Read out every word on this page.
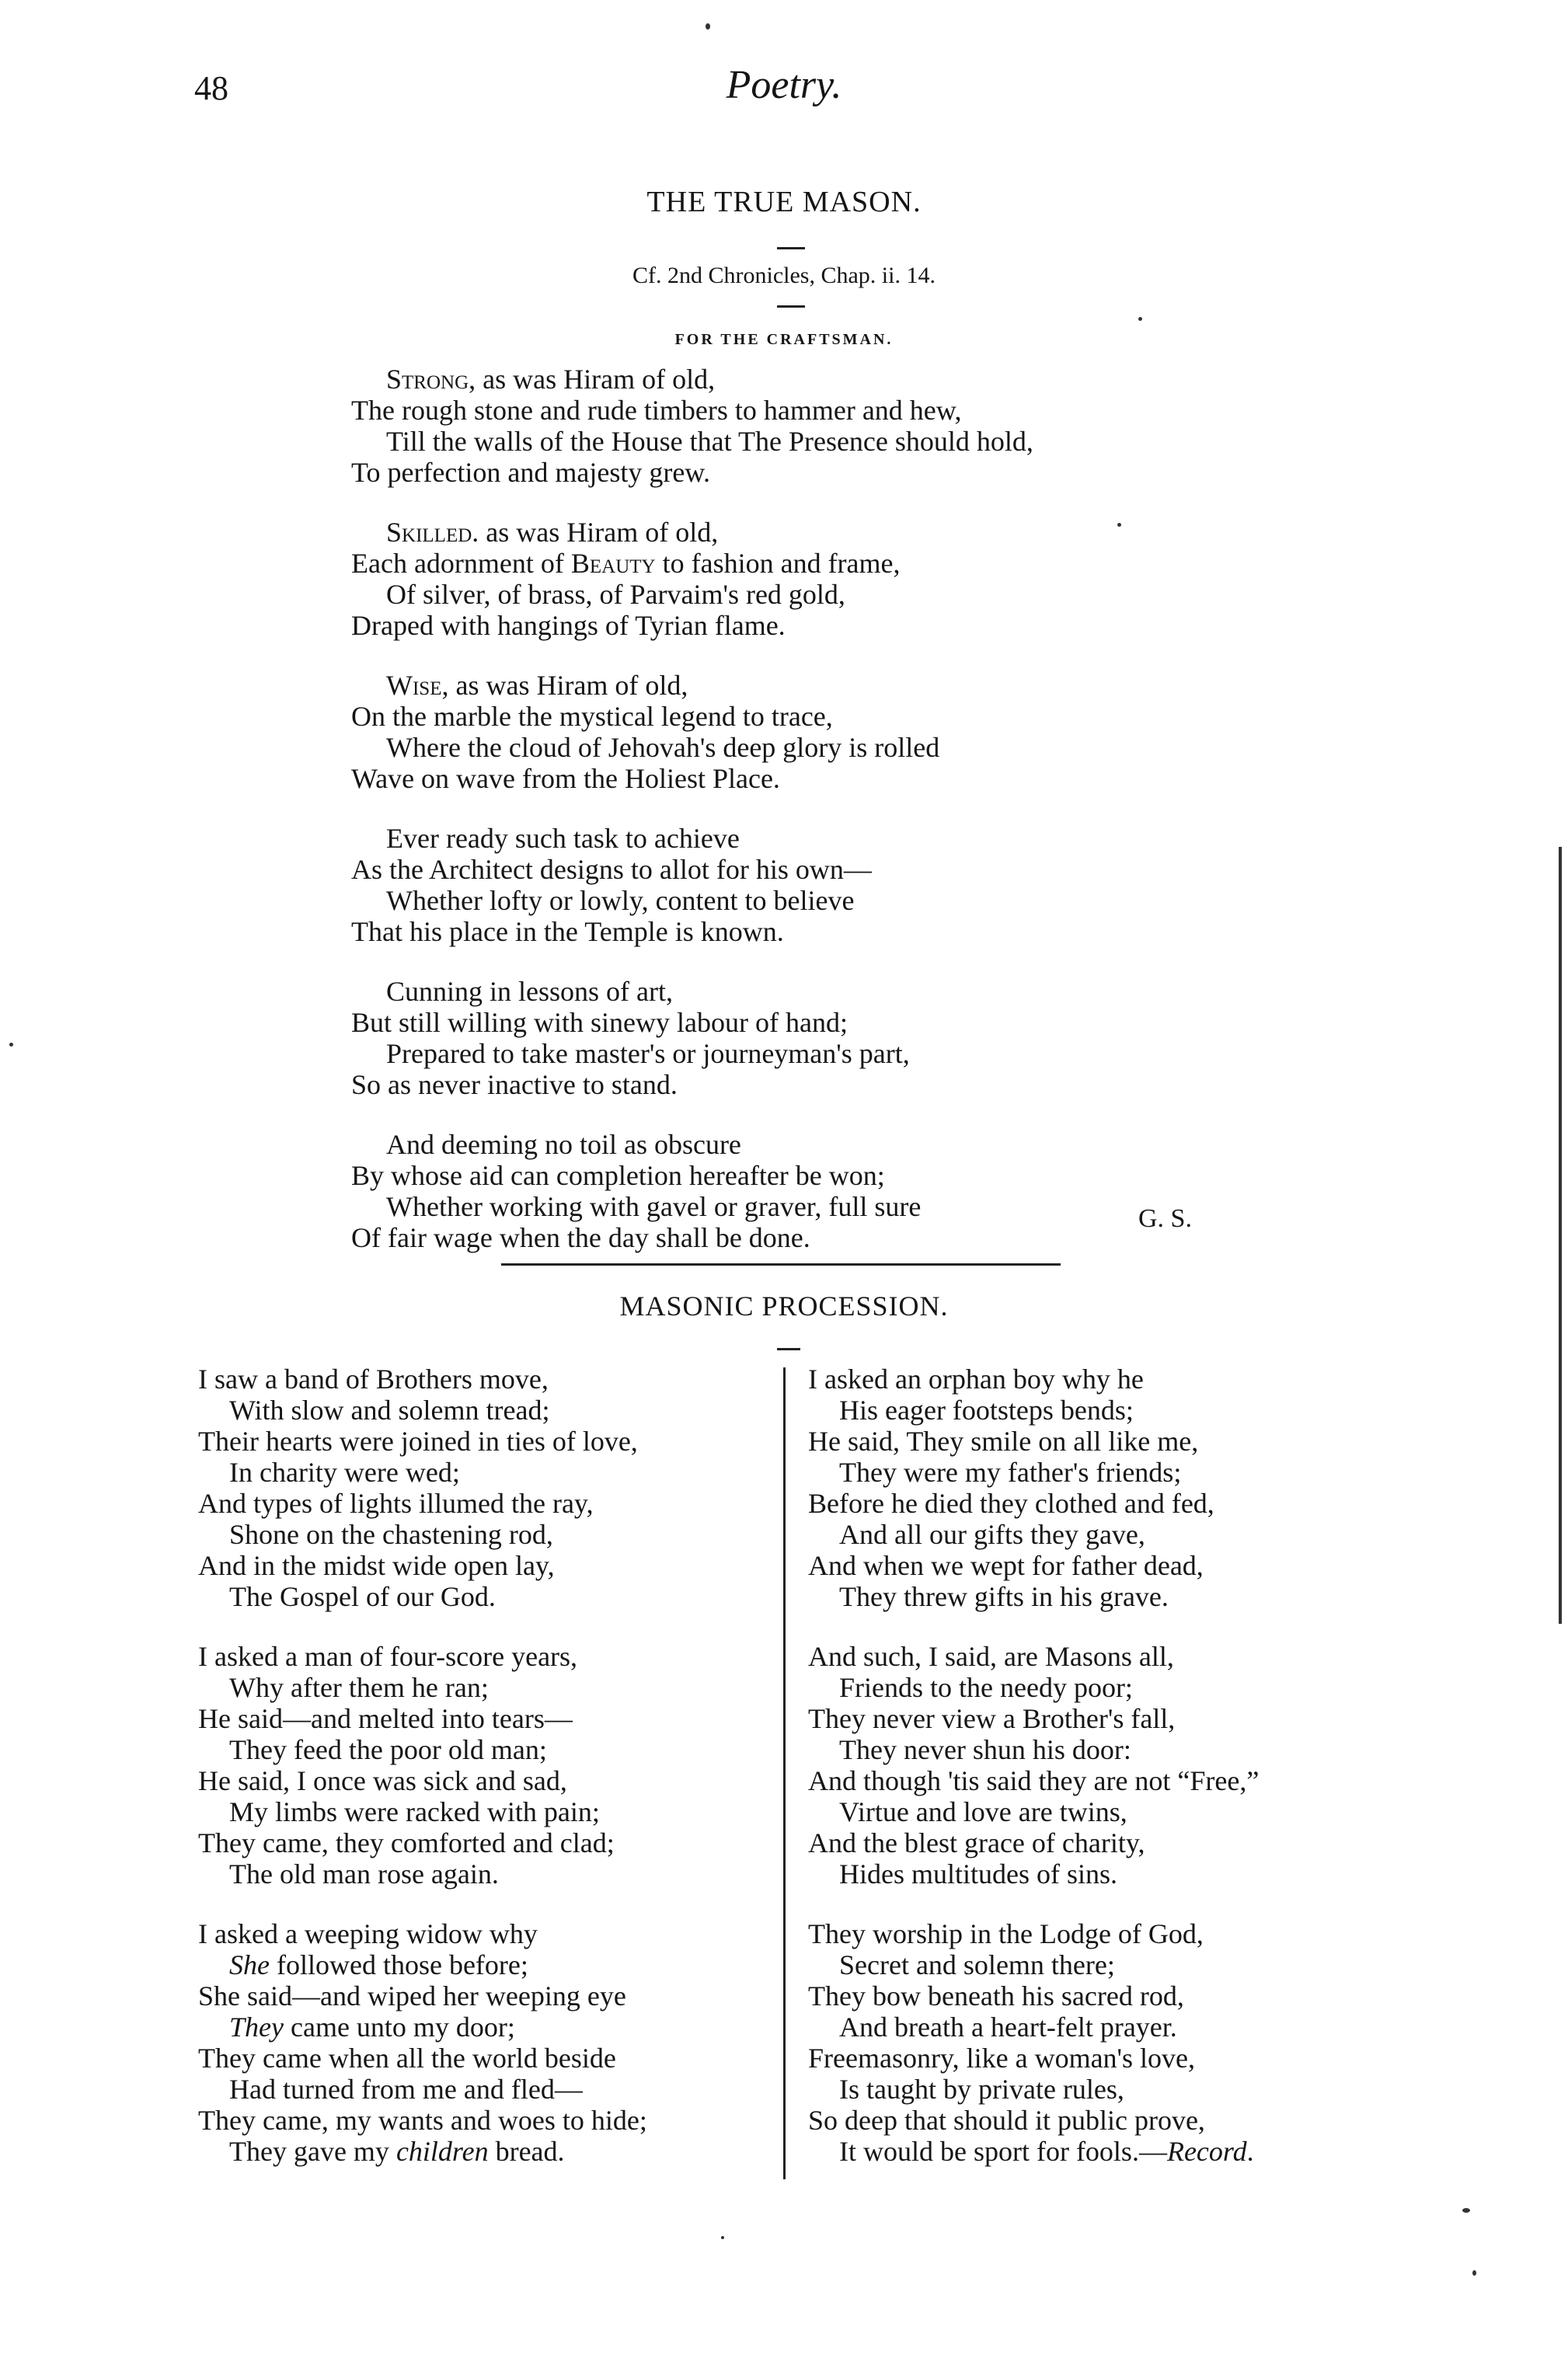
48	Poetry.
THE TRUE MASON.
Cf. 2nd Chronicles, Chap. ii. 14.
FOR THE CRAFTSMAN.
Strong, as was Hiram of old,
The rough stone and rude timbers to hammer and hew,
Till the walls of the House that The Presence should hold,
To perfection and majesty grew.
Skilled. as was Hiram of old,
Each adornment of Beauty to fashion and frame,
Of silver, of brass, of Parvaim's red gold,
Draped with hangings of Tyrian flame.
Wise, as was Hiram of old,
On the marble the mystical legend to trace,
Where the cloud of Jehovah's deep glory is rolled
Wave on wave from the Holiest Place.
Ever ready such task to achieve
As the Architect designs to allot for his own—
Whether lofty or lowly, content to believe
That his place in the Temple is known.
Cunning in lessons of art,
But still willing with sinewy labour of hand;
Prepared to take master's or journeyman's part,
So as never inactive to stand.
And deeming no toil as obscure
By whose aid can completion hereafter be won;
Whether working with gavel or graver, full sure
Of fair wage when the day shall be done.
G. S.
MASONIC PROCESSION.
I saw a band of Brothers move,
With slow and solemn tread;
Their hearts were joined in ties of love,
In charity were wed;
And types of lights illumed the ray,
Shone on the chastening rod,
And in the midst wide open lay,
The Gospel of our God.
I asked a man of four-score years,
Why after them he ran;
He said—and melted into tears—
They feed the poor old man;
He said, I once was sick and sad,
My limbs were racked with pain;
They came, they comforted and clad;
The old man rose again.
I asked a weeping widow why
She followed those before;
She said—and wiped her weeping eye
They came unto my door;
They came when all the world beside
Had turned from me and fled—
They came, my wants and woes to hide;
They gave my children bread.
I asked an orphan boy why he
His eager footsteps bends;
He said, They smile on all like me,
They were my father's friends;
Before he died they clothed and fed,
And all our gifts they gave,
And when we wept for father dead,
They threw gifts in his grave.
And such, I said, are Masons all,
Friends to the needy poor;
They never view a Brother's fall,
They never shun his door:
And though 'tis said they are not “Free,”
Virtue and love are twins,
And the blest grace of charity,
Hides multitudes of sins.
They worship in the Lodge of God,
Secret and solemn there;
They bow beneath his sacred rod,
And breath a heart-felt prayer.
Freemasonry, like a woman's love,
Is taught by private rules,
So deep that should it public prove,
It would be sport for fools.—Record.
